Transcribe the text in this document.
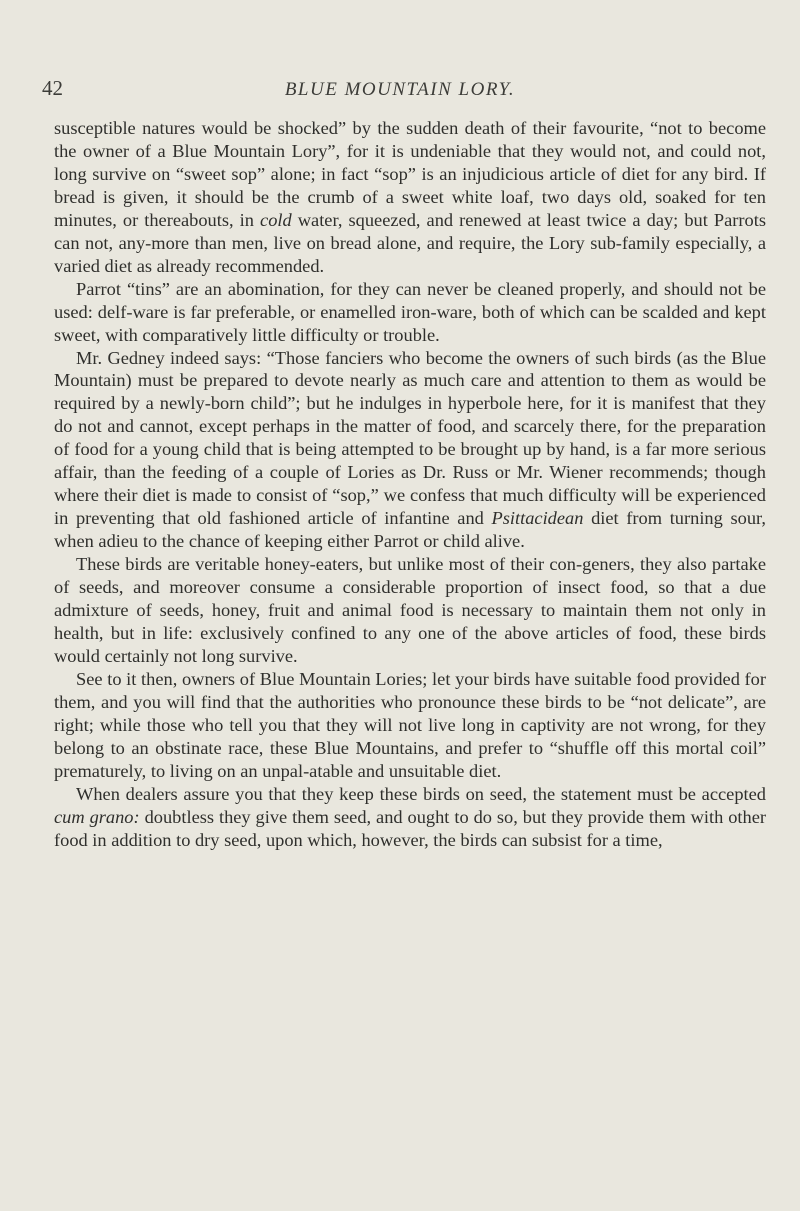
42	BLUE MOUNTAIN LORY.

susceptible natures would be shocked” by the sudden death of their favourite, “not to become the owner of a Blue Mountain Lory”, for it is undeniable that they would not, and could not, long survive on “sweet sop” alone; in fact “sop” is an injudicious article of diet for any bird. If bread is given, it should be the crumb of a sweet white loaf, two days old, soaked for ten minutes, or thereabouts, in cold water, squeezed, and renewed at least twice a day; but Parrots can not, any-more than men, live on bread alone, and require, the Lory sub-family especially, a varied diet as already recommended.

Parrot “tins” are an abomination, for they can never be cleaned properly, and should not be used: delf-ware is far preferable, or enamelled iron-ware, both of which can be scalded and kept sweet, with comparatively little difficulty or trouble.

Mr. Gedney indeed says: “Those fanciers who become the owners of such birds (as the Blue Mountain) must be prepared to devote nearly as much care and attention to them as would be required by a newly-born child”; but he indulges in hyperbole here, for it is manifest that they do not and cannot, except perhaps in the matter of food, and scarcely there, for the preparation of food for a young child that is being attempted to be brought up by hand, is a far more serious affair, than the feeding of a couple of Lories as Dr. Russ or Mr. Wiener recommends; though where their diet is made to consist of “sop,” we confess that much difficulty will be experienced in preventing that old fashioned article of infantine and Psittacidean diet from turning sour, when adieu to the chance of keeping either Parrot or child alive.

These birds are veritable honey-eaters, but unlike most of their con-geners, they also partake of seeds, and moreover consume a considerable proportion of insect food, so that a due admixture of seeds, honey, fruit and animal food is necessary to maintain them not only in health, but in life: exclusively confined to any one of the above articles of food, these birds would certainly not long survive.

See to it then, owners of Blue Mountain Lories; let your birds have suitable food provided for them, and you will find that the authorities who pronounce these birds to be “not delicate”, are right; while those who tell you that they will not live long in captivity are not wrong, for they belong to an obstinate race, these Blue Mountains, and prefer to “shuffle off this mortal coil” prematurely, to living on an unpal-atable and unsuitable diet.

When dealers assure you that they keep these birds on seed, the statement must be accepted cum grano: doubtless they give them seed, and ought to do so, but they provide them with other food in addition to dry seed, upon which, however, the birds can subsist for a time,
